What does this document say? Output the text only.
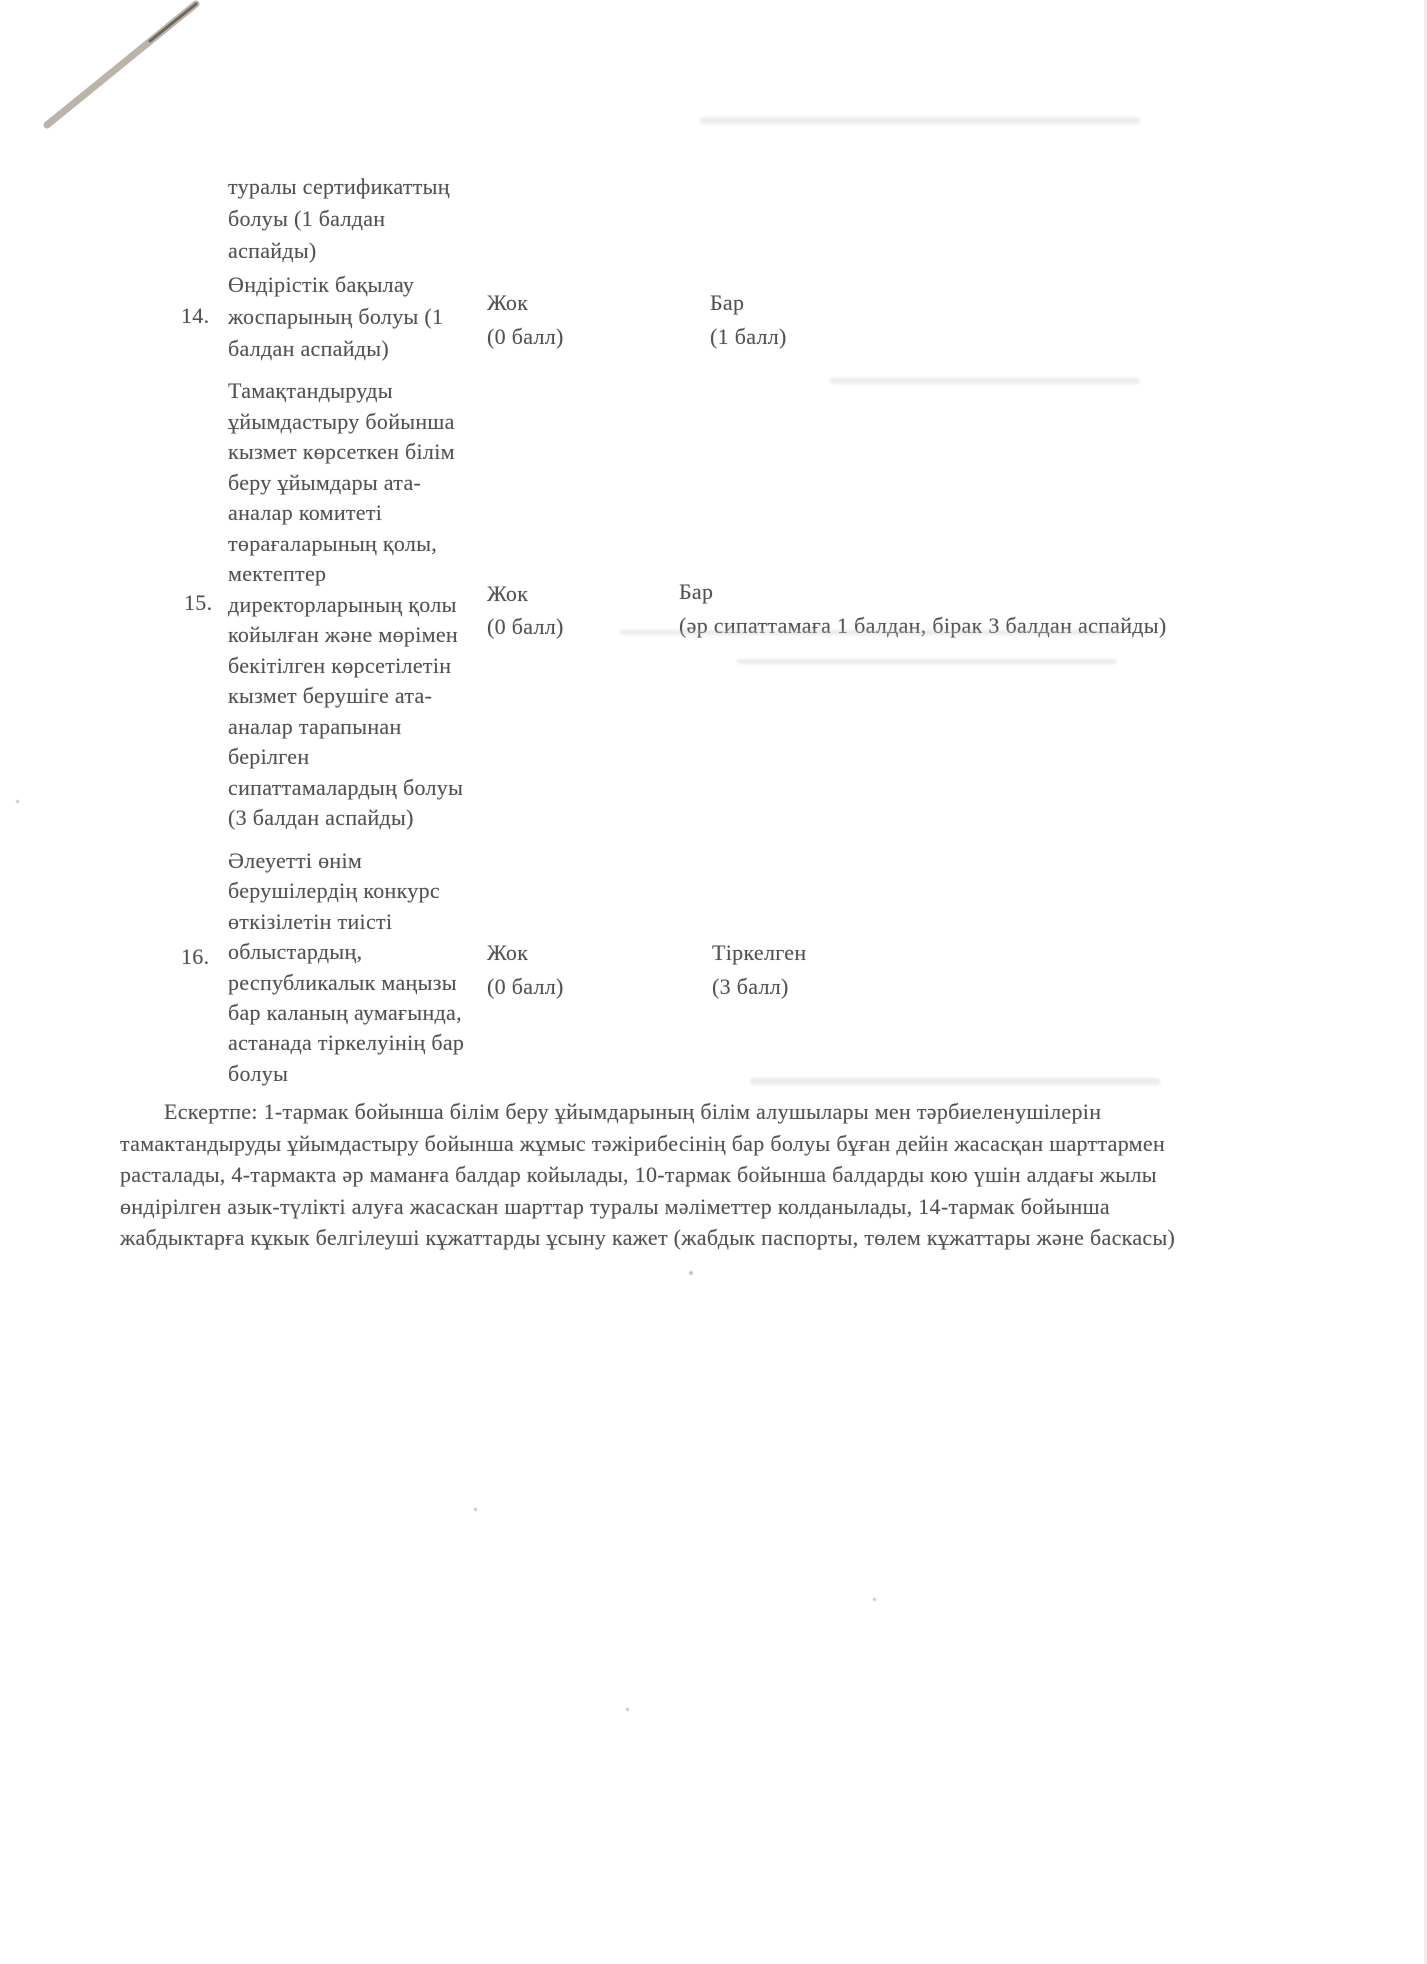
туралы сертификаттың
болуы (1 балдан
аспайды)
14.
Өндірістік бақылау
жоспарының болуы (1
балдан аспайды)
Жок
(0 балл)
Бар
(1 балл)
15.
Тамақтандыруды
ұйымдастыру бойынша
кызмет көрсеткен білім
беру ұйымдары ата-
аналар комитеті
төрағаларының қолы,
мектептер
директорларының қолы
койылған және мөрімен
бекітілген көрсетілетін
кызмет берушіге ата-
аналар тарапынан
берілген
сипаттамалардың болуы
(3 балдан аспайды)
Жок
(0 балл)
Бар
(әр сипаттамаға 1 балдан, бірак 3 балдан аспайды)
16.
Әлеуетті өнім
берушілердің конкурс
өткізілетін тиісті
облыстардың,
республикалык маңызы
бар каланың аумағында,
астанада тіркелуінің бар
болуы
Жок
(0 балл)
Тіркелген
(3 балл)
Ескертпе: 1-тармак бойынша білім беру ұйымдарының білім алушылары мен тәрбиеленушілерін
тамактандыруды ұйымдастыру бойынша жұмыс тәжірибесінің бар болуы бұған дейін жасасқан шарттармен
расталады, 4-тармакта әр маманға балдар койылады, 10-тармак бойынша балдарды кою үшін алдағы жылы
өндірілген азык-түлікті алуға жасаскан шарттар туралы мәліметтер колданылады, 14-тармак бойынша
жабдыктарға кұкык белгілеуші кұжаттарды ұсыну кажет (жабдык паспорты, төлем кұжаттары және баскасы)
